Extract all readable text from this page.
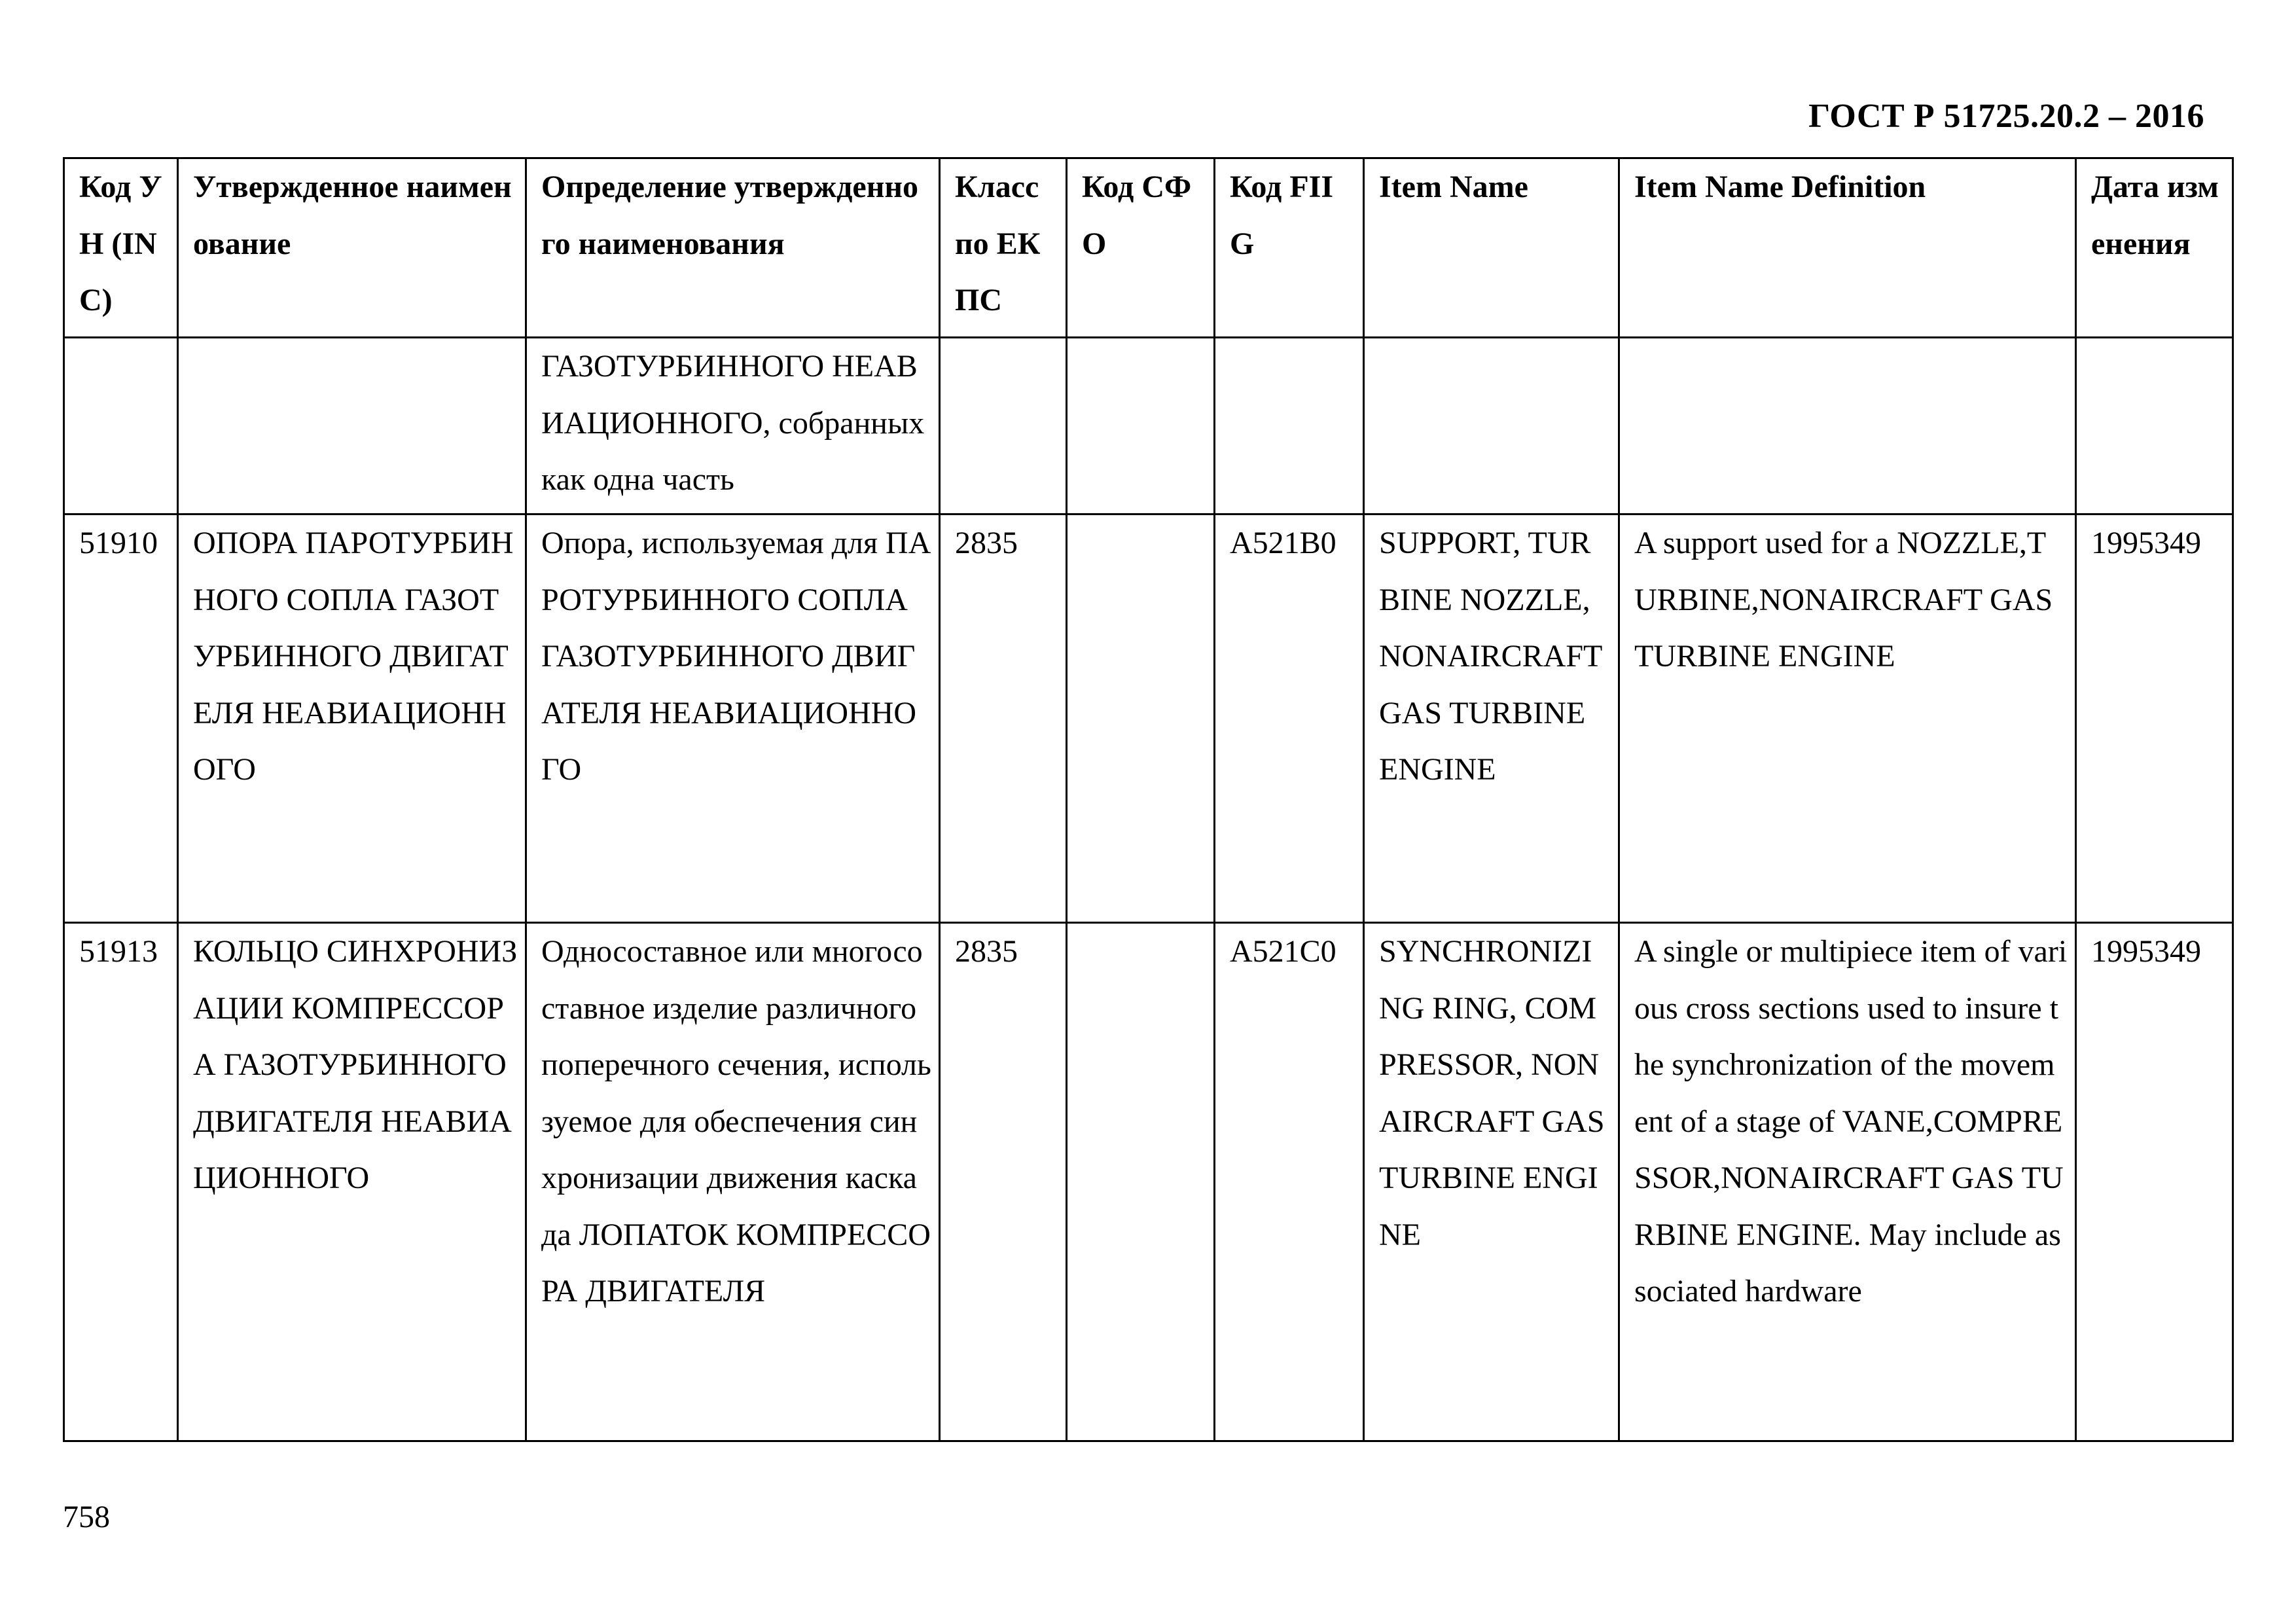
ГОСТ Р 51725.20.2 – 2016
Код УН (INC)	Утвержденное наименование	Определение утвержденного наименования	Класс по ЕКПС	Код СФО	Код FIIG	Item Name	Item Name Definition	Дата изменения
		ГАЗОТУРБИННОГО НЕАВИАЦИОННОГО, собранных как одна часть						
51910	ОПОРА ПАРОТУРБИННОГО СОПЛА ГАЗОТУРБИННОГО ДВИГАТЕЛЯ НЕАВИАЦИОННОГО	Опора, используемая для ПАРОТУРБИННОГО СОПЛА ГАЗОТУРБИННОГО ДВИГАТЕЛЯ НЕАВИАЦИОННОГО	2835		A521B0	SUPPORT, TURBINE NOZZLE, NONAIRCRAFT GAS TURBINE ENGINE	A support used for a NOZZLE,TURBINE,NONAIRCRAFT GAS TURBINE ENGINE	1995349
51913	КОЛЬЦО СИНХРОНИЗАЦИИ КОМПРЕССОРА ГАЗОТУРБИННОГО ДВИГАТЕЛЯ НЕАВИАЦИОННОГО	Односоставное или многосоставное изделие различного поперечного сечения, используемое для обеспечения синхронизации движения каскада ЛОПАТОК КОМПРЕССОРА ДВИГАТЕЛЯ	2835		A521C0	SYNCHRONIZING RING, COMPRESSOR, NONAIRCRAFT GAS TURBINE ENGINE	A single or multipiece item of various cross sections used to insure the synchronization of the movement of a stage of VANE,COMPRESSOR,NONAIRCRAFT GAS TURBINE ENGINE. May include associated hardware	1995349
758
